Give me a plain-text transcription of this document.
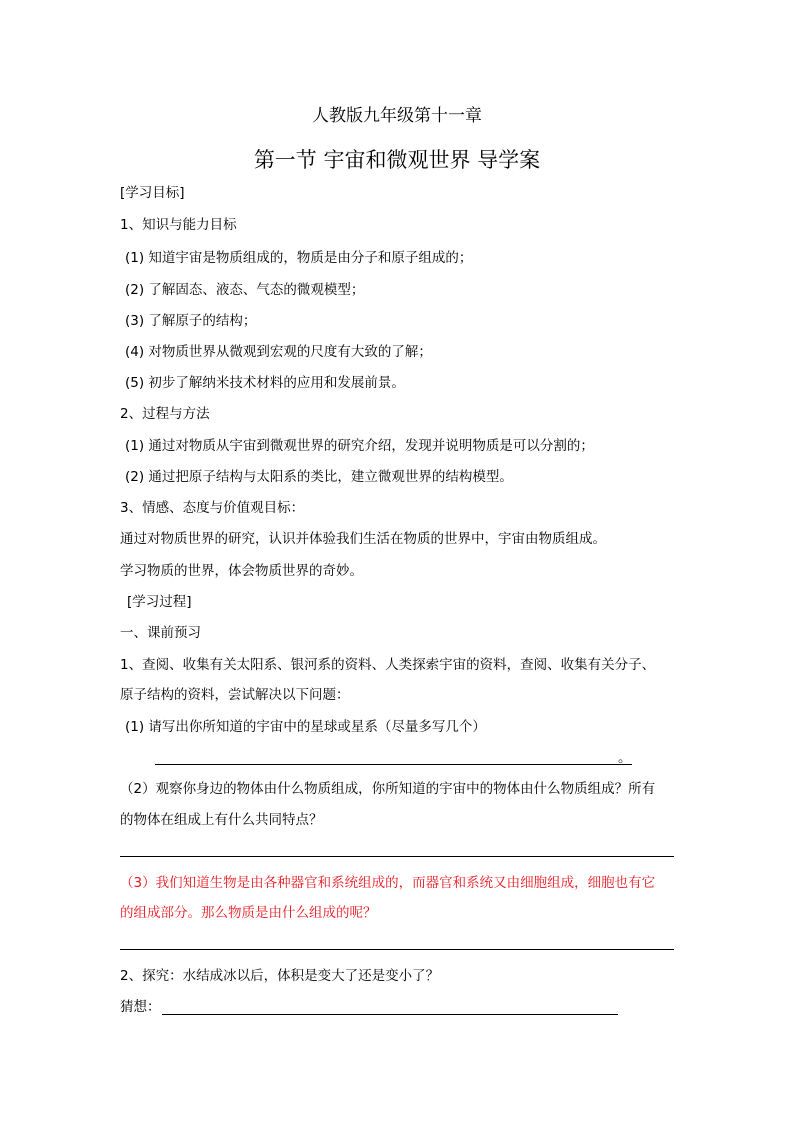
人教版九年级第十一章
第一节 宇宙和微观世界 导学案
[学习目标]
1、知识与能力目标
(1) 知道宇宙是物质组成的，物质是由分子和原子组成的；
(2) 了解固态、液态、气态的微观模型；
(3) 了解原子的结构；
(4) 对物质世界从微观到宏观的尺度有大致的了解；
(5) 初步了解纳米技术材料的应用和发展前景。
2、过程与方法
(1) 通过对物质从宇宙到微观世界的研究介绍，发现并说明物质是可以分割的；
(2) 通过把原子结构与太阳系的类比，建立微观世界的结构模型。
3、情感、态度与价值观目标：
通过对物质世界的研究，认识并体验我们生活在物质的世界中，宇宙由物质组成。
学习物质的世界，体会物质世界的奇妙。
[学习过程]
一、课前预习
1、查阅、收集有关太阳系、银河系的资料、人类探索宇宙的资料，查阅、收集有关分子、
原子结构的资料，尝试解决以下问题：
(1) 请写出你所知道的宇宙中的星球或星系（尽量多写几个）
。
（2）观察你身边的物体由什么物质组成，你所知道的宇宙中的物体由什么物质组成？所有
的物体在组成上有什么共同特点？
（3）我们知道生物是由各种器官和系统组成的，而器官和系统又由细胞组成，细胞也有它
的组成部分。那么物质是由什么组成的呢？
2、探究：水结成冰以后，体积是变大了还是变小了？
猜想：
